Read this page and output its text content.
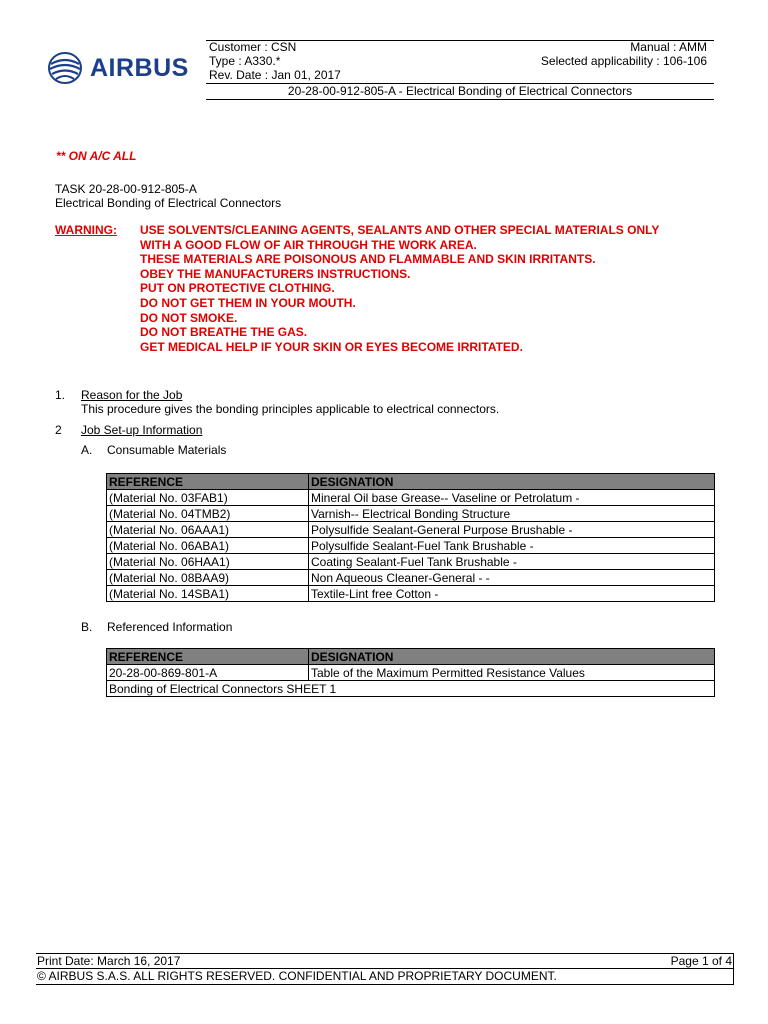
AIRBUS
Customer : CSN	Manual : AMM
Type : A330.*	Selected applicability : 106-106
Rev. Date : Jan 01, 2017
20-28-00-912-805-A - Electrical Bonding of Electrical Connectors
** ON A/C ALL
TASK 20-28-00-912-805-A
Electrical Bonding of Electrical Connectors
WARNING: USE SOLVENTS/CLEANING AGENTS, SEALANTS AND OTHER SPECIAL MATERIALS ONLY
WITH A GOOD FLOW OF AIR THROUGH THE WORK AREA.
THESE MATERIALS ARE POISONOUS AND FLAMMABLE AND SKIN IRRITANTS.
OBEY THE MANUFACTURERS INSTRUCTIONS.
PUT ON PROTECTIVE CLOTHING.
DO NOT GET THEM IN YOUR MOUTH.
DO NOT SMOKE.
DO NOT BREATHE THE GAS.
GET MEDICAL HELP IF YOUR SKIN OR EYES BECOME IRRITATED.
1. Reason for the Job
This procedure gives the bonding principles applicable to electrical connectors.
2 Job Set-up Information
A. Consumable Materials
REFERENCE	DESIGNATION
(Material No. 03FAB1)	Mineral Oil base Grease-- Vaseline or Petrolatum -
(Material No. 04TMB2)	Varnish-- Electrical Bonding Structure
(Material No. 06AAA1)	Polysulfide Sealant-General Purpose Brushable -
(Material No. 06ABA1)	Polysulfide Sealant-Fuel Tank Brushable -
(Material No. 06HAA1)	Coating Sealant-Fuel Tank Brushable -
(Material No. 08BAA9)	Non Aqueous Cleaner-General - -
(Material No. 14SBA1)	Textile-Lint free Cotton -
B. Referenced Information
REFERENCE	DESIGNATION
20-28-00-869-801-A	Table of the Maximum Permitted Resistance Values
Bonding of Electrical Connectors SHEET 1	
Print Date: March 16, 2017	Page 1 of 4
© AIRBUS S.A.S. ALL RIGHTS RESERVED. CONFIDENTIAL AND PROPRIETARY DOCUMENT.
